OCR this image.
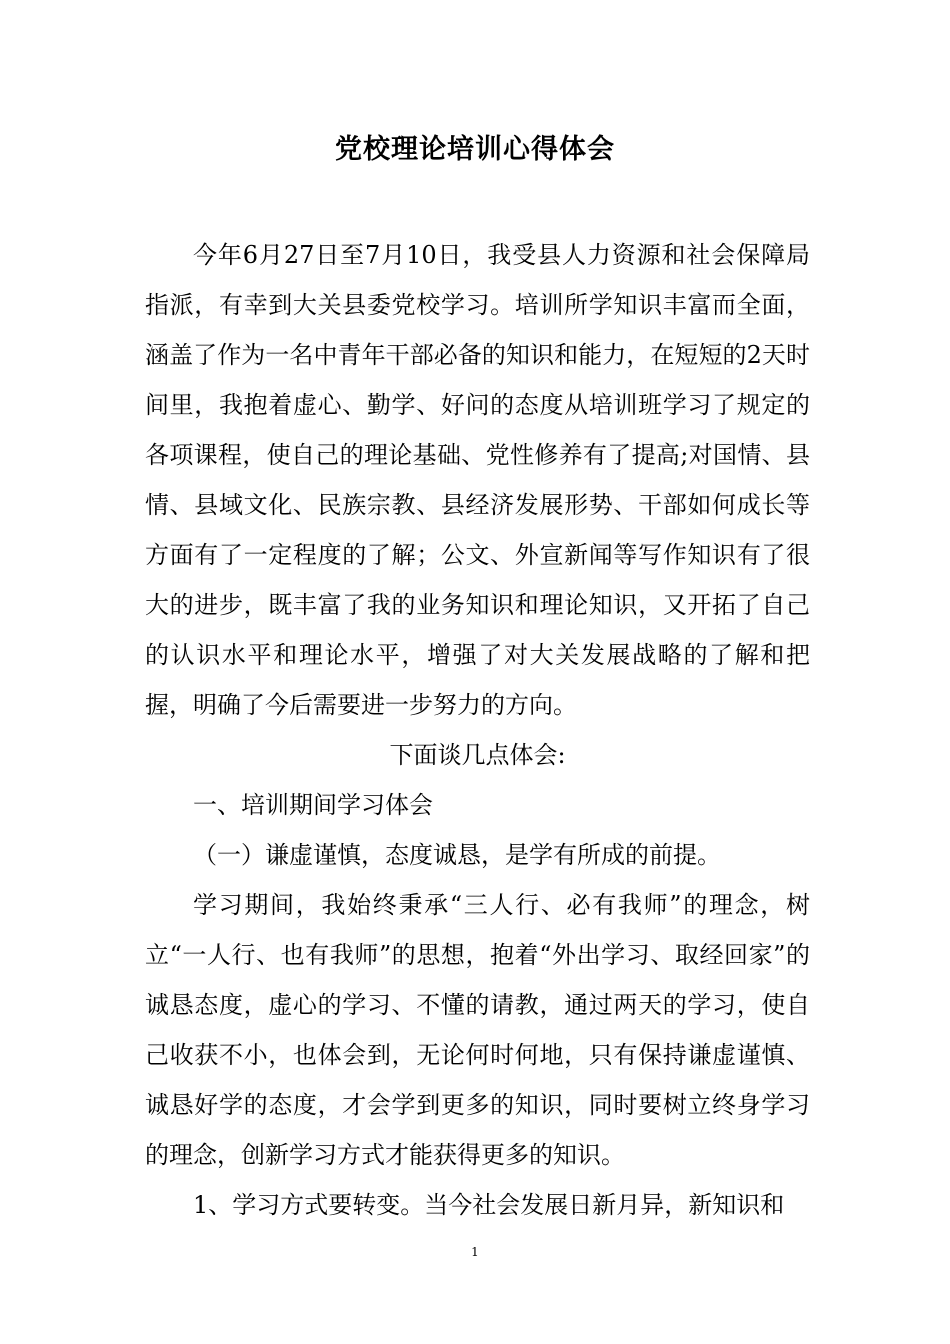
党校理论培训心得体会

今年6月27日至7月10日，我受县人力资源和社会保障局指派，有幸到大关县委党校学习。培训所学知识丰富而全面，涵盖了作为一名中青年干部必备的知识和能力，在短短的2天时间里，我抱着虚心、勤学、好问的态度从培训班学习了规定的各项课程，使自己的理论基础、党性修养有了提高;对国情、县情、县域文化、民族宗教、县经济发展形势、干部如何成长等方面有了一定程度的了解；公文、外宣新闻等写作知识有了很大的进步，既丰富了我的业务知识和理论知识，又开拓了自己的认识水平和理论水平，增强了对大关发展战略的了解和把握，明确了今后需要进一步努力的方向。

下面谈几点体会:

一、培训期间学习体会

（一）谦虚谨慎，态度诚恳，是学有所成的前提。

学习期间，我始终秉承“三人行、必有我师”的理念，树立“一人行、也有我师”的思想，抱着“外出学习、取经回家”的诚恳态度，虚心的学习、不懂的请教，通过两天的学习，使自己收获不小，也体会到，无论何时何地，只有保持谦虚谨慎、诚恳好学的态度，才会学到更多的知识，同时要树立终身学习的理念，创新学习方式才能获得更多的知识。

1、学习方式要转变。当今社会发展日新月异，新知识和

1
